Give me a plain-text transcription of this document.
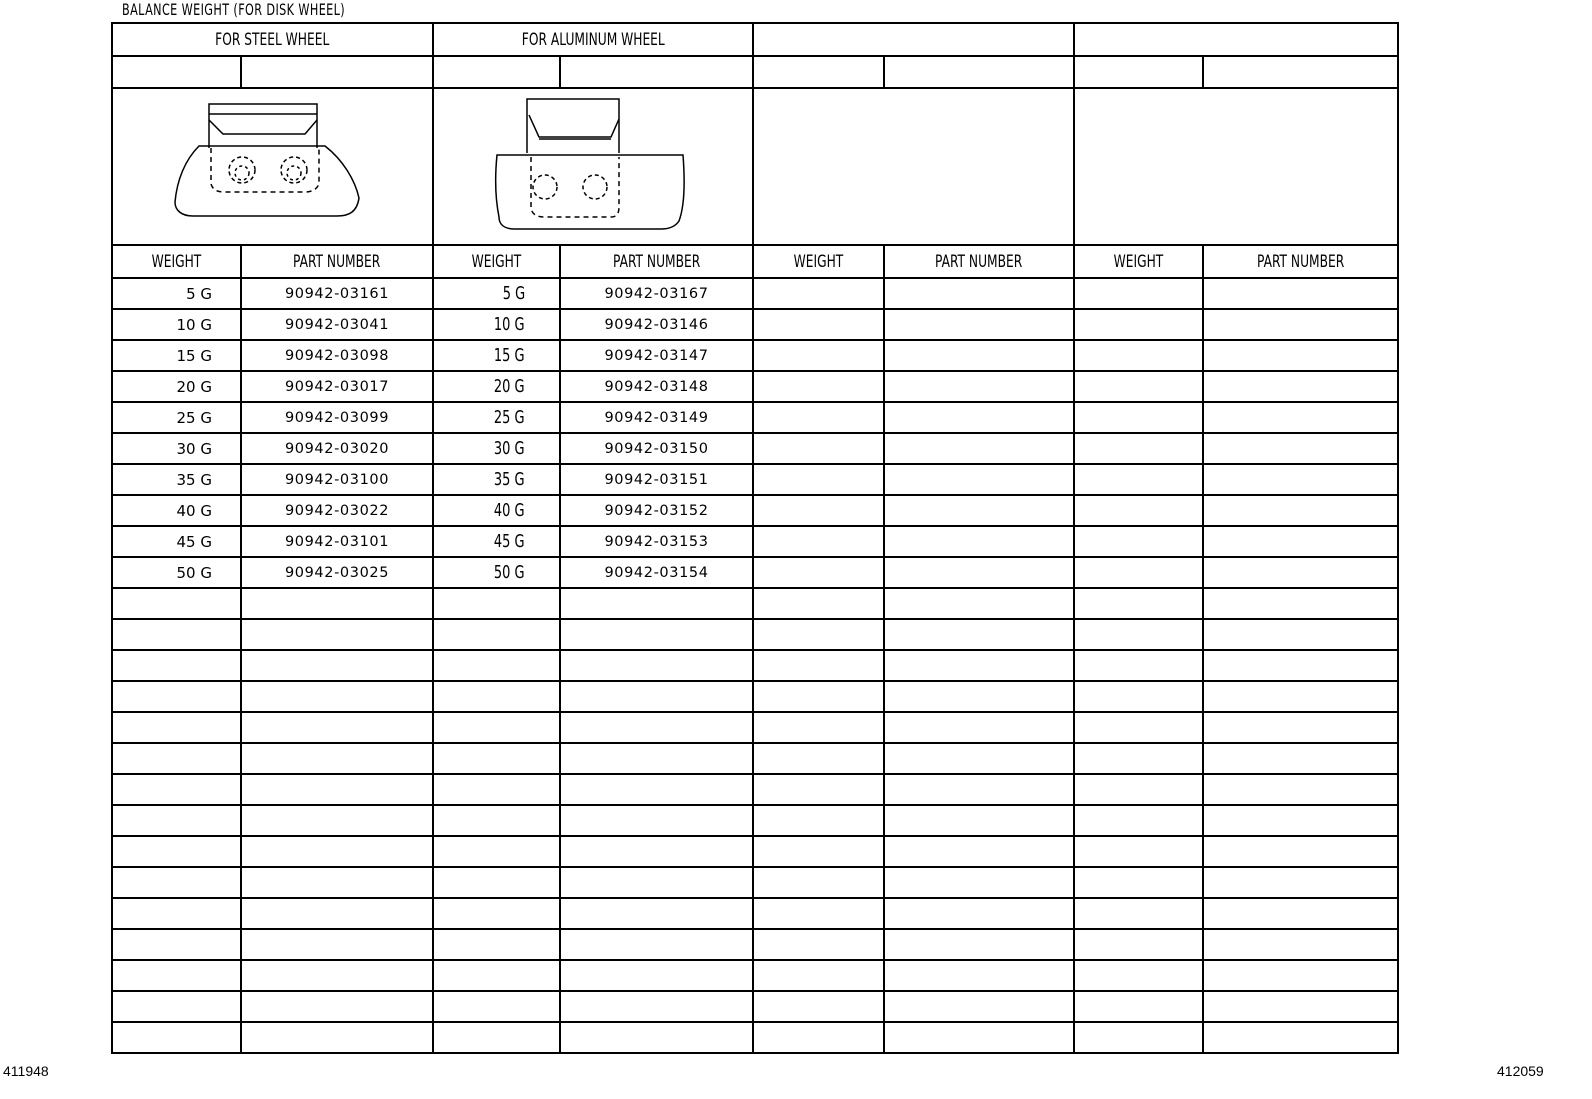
BALANCE WEIGHT (FOR DISK WHEEL)
FOR STEEL WHEEL		FOR ALUMINUM WHEEL					

WEIGHT	PART NUMBER	WEIGHT	PART NUMBER	WEIGHT	PART NUMBER	WEIGHT	PART NUMBER
5 G	90942-03161	5 G	90942-03167				
10 G	90942-03041	10 G	90942-03146				
15 G	90942-03098	15 G	90942-03147				
20 G	90942-03017	20 G	90942-03148				
25 G	90942-03099	25 G	90942-03149				
30 G	90942-03020	30 G	90942-03150				
35 G	90942-03100	35 G	90942-03151				
40 G	90942-03022	40 G	90942-03152				
45 G	90942-03101	45 G	90942-03153				
50 G	90942-03025	50 G	90942-03154				

411948	412059
